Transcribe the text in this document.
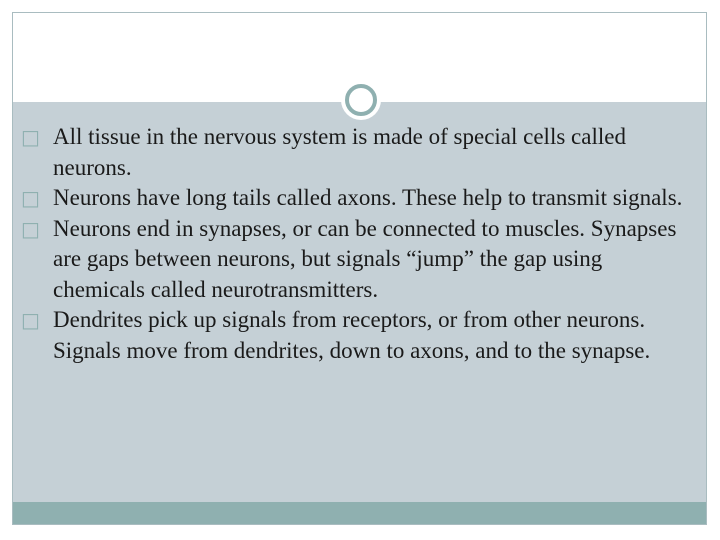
□ All tissue in the nervous system is made of special cells called neurons.
□ Neurons have long tails called axons. These help to transmit signals.
□ Neurons end in synapses, or can be connected to muscles. Synapses are gaps between neurons, but signals “jump” the gap using chemicals called neurotransmitters.
□ Dendrites pick up signals from receptors, or from other neurons. Signals move from dendrites, down to axons, and to the synapse.
